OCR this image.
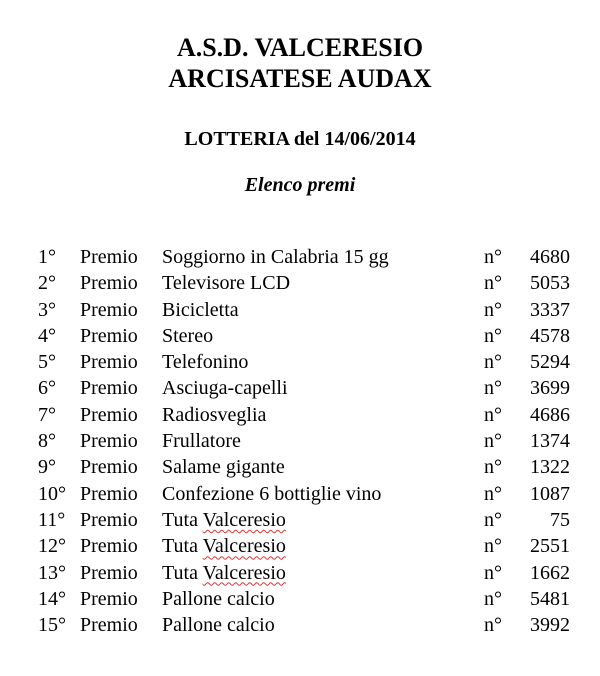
A.S.D. VALCERESIO
ARCISATESE AUDAX
LOTTERIA del 14/06/2014
Elenco premi
1° Premio Soggiorno in Calabria 15 gg	n° 4680
2° Premio Televisore LCD	n° 5053
3° Premio Bicicletta	n° 3337
4° Premio Stereo	n° 4578
5° Premio Telefonino	n° 5294
6° Premio Asciuga-capelli	n° 3699
7° Premio Radiosveglia	n° 4686
8° Premio Frullatore	n° 1374
9° Premio Salame gigante	n° 1322
10° Premio Confezione 6 bottiglie vino	n° 1087
11° Premio Tuta Valceresio	n° 75
12° Premio Tuta Valceresio	n° 2551
13° Premio Tuta Valceresio	n° 1662
14° Premio Pallone calcio	n° 5481
15° Premio Pallone calcio	n° 3992
